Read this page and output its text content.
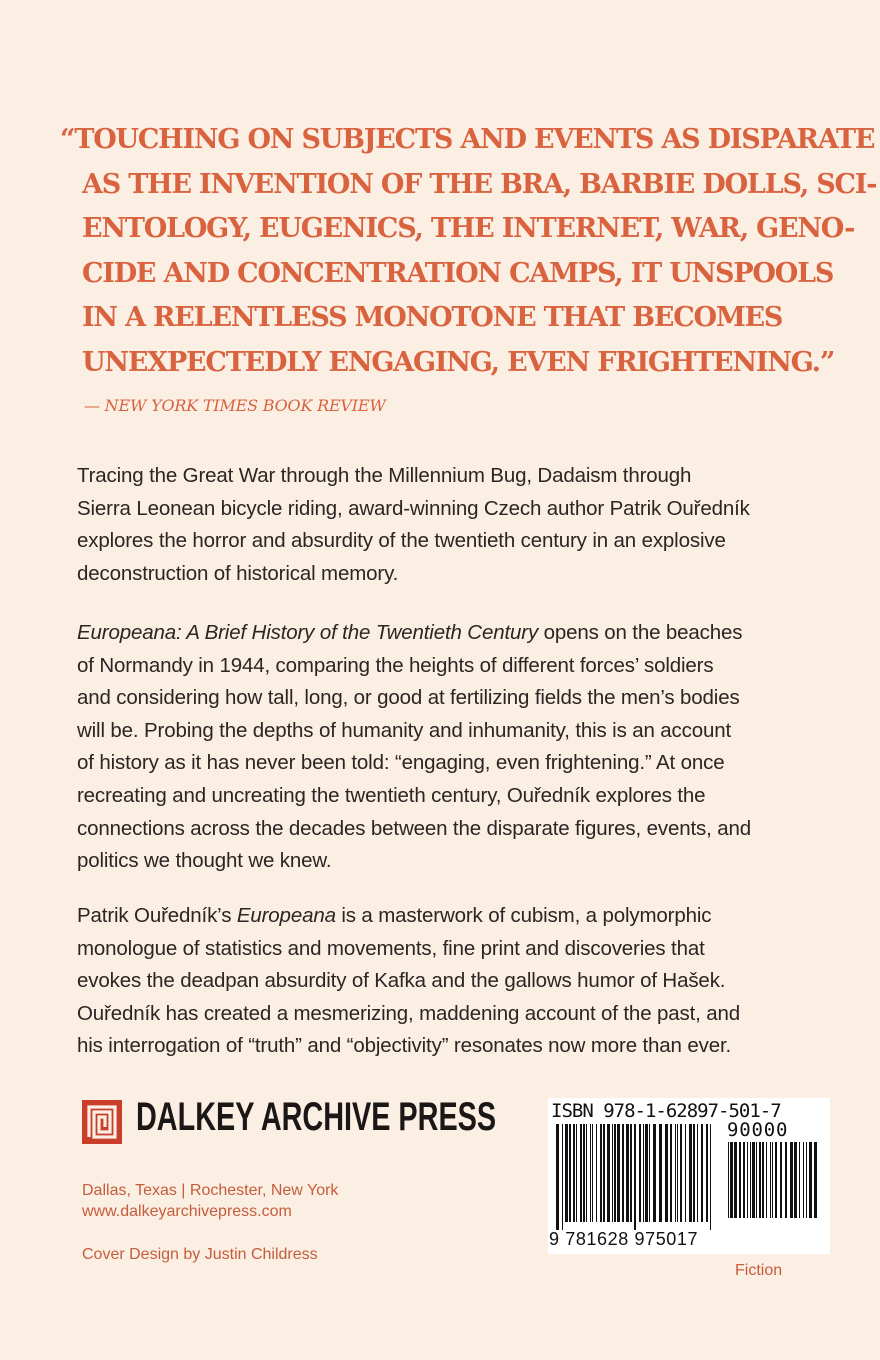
“TOUCHING ON SUBJECTS AND EVENTS AS DISPARATE
AS THE INVENTION OF THE BRA, BARBIE DOLLS, SCI-
ENTOLOGY, EUGENICS, THE INTERNET, WAR, GENO-
CIDE AND CONCENTRATION CAMPS, IT UNSPOOLS
IN A RELENTLESS MONOTONE THAT BECOMES
UNEXPECTEDLY ENGAGING, EVEN FRIGHTENING.”
— NEW YORK TIMES BOOK REVIEW
Tracing the Great War through the Millennium Bug, Dadaism through
Sierra Leonean bicycle riding, award-winning Czech author Patrik Ouředník
explores the horror and absurdity of the twentieth century in an explosive
deconstruction of historical memory.
Europeana: A Brief History of the Twentieth Century opens on the beaches
of Normandy in 1944, comparing the heights of different forces’ soldiers
and considering how tall, long, or good at fertilizing fields the men’s bodies
will be. Probing the depths of humanity and inhumanity, this is an account
of history as it has never been told: “engaging, even frightening.” At once
recreating and uncreating the twentieth century, Ouředník explores the
connections across the decades between the disparate figures, events, and
politics we thought we knew.
Patrik Ouředník’s Europeana is a masterwork of cubism, a polymorphic
monologue of statistics and movements, fine print and discoveries that
evokes the deadpan absurdity of Kafka and the gallows humor of Hašek.
Ouředník has created a mesmerizing, maddening account of the past, and
his interrogation of “truth” and “objectivity” resonates now more than ever.
DALKEY ARCHIVE PRESS
Dallas, Texas | Rochester, New York
www.dalkeyarchivepress.com
Cover Design by Justin Childress
ISBN 978-1-62897-501-7
90000
9 781628 975017
Fiction
